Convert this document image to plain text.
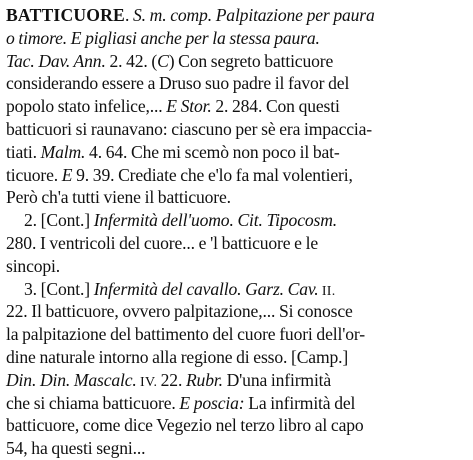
BATTICUORE. S. m. comp. Palpitazione per paura
o timore. E pigliasi anche per la stessa paura.
Tac. Dav. Ann. 2. 42. (C) Con segreto batticuore
considerando essere a Druso suo padre il favor del
popolo stato infelice,... E Stor. 2. 284. Con questi
batticuori si raunavano: ciascuno per sè era impaccia-
tiati. Malm. 4. 64. Che mi scemò non poco il bat-
ticuore. E 9. 39. Crediate che e'lo fa mal volentieri,
Però ch'a tutti viene il batticuore.
2. [Cont.] Infermità dell'uomo. Cit. Tipocosm.
280. I ventricoli del cuore... e 'l batticuore e le
sincopi.
3. [Cont.] Infermità del cavallo. Garz. Cav. II.
22. Il batticuore, ovvero palpitazione,... Si conosce
la palpitazione del battimento del cuore fuori dell'or-
dine naturale intorno alla regione di esso. [Camp.]
Din. Din. Mascalc. IV. 22. Rubr. D'una infirmità
che si chiama batticuore. E poscia: La infirmità del
batticuore, come dice Vegezio nel terzo libro al capo
54, ha questi segni...
